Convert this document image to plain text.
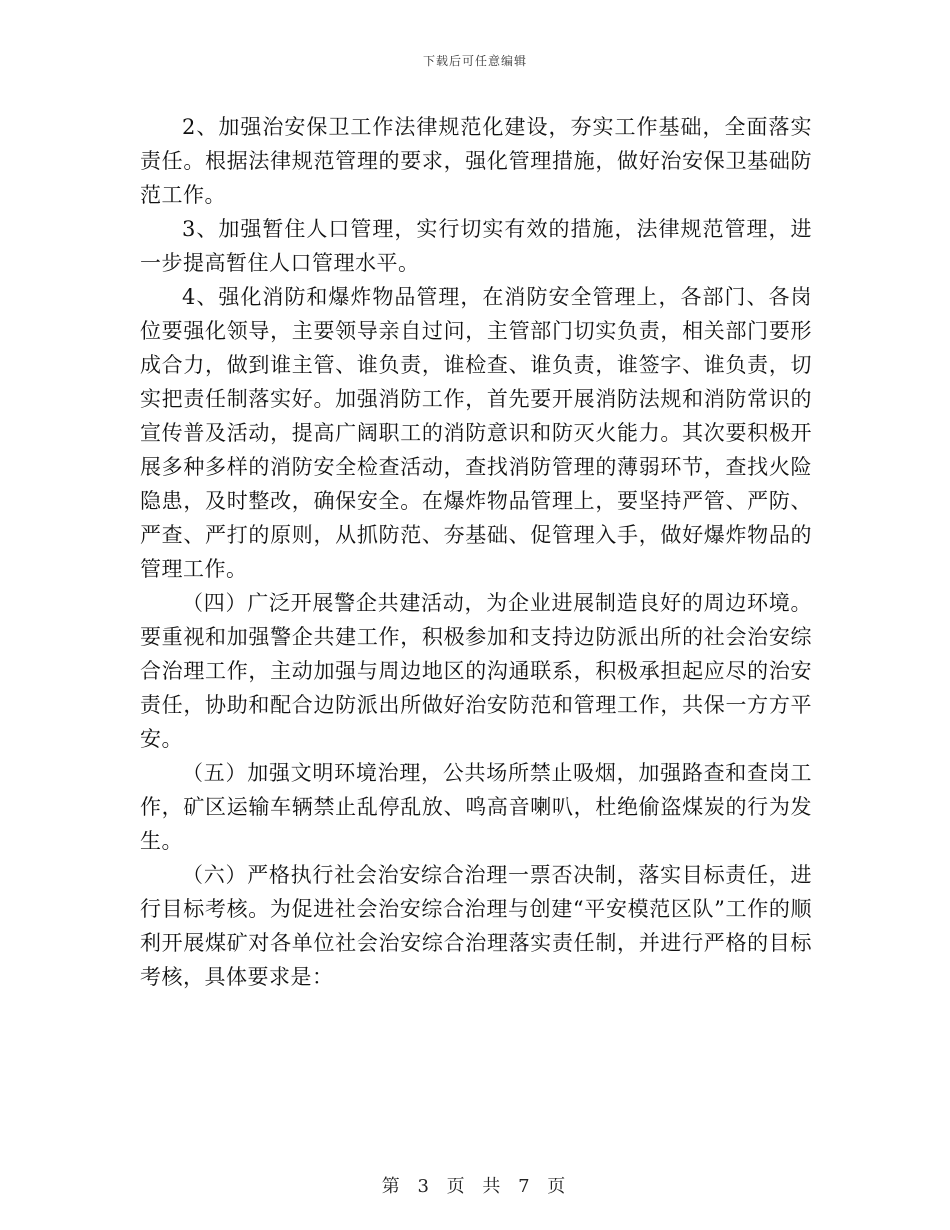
下载后可任意编辑

2、加强治安保卫工作法律规范化建设，夯实工作基础，全面落实责任。根据法律规范管理的要求，强化管理措施，做好治安保卫基础防范工作。

3、加强暂住人口管理，实行切实有效的措施，法律规范管理，进一步提高暂住人口管理水平。

4、强化消防和爆炸物品管理，在消防安全管理上，各部门、各岗位要强化领导，主要领导亲自过问，主管部门切实负责，相关部门要形成合力，做到谁主管、谁负责，谁检查、谁负责，谁签字、谁负责，切实把责任制落实好。加强消防工作，首先要开展消防法规和消防常识的宣传普及活动，提高广阔职工的消防意识和防灭火能力。其次要积极开展多种多样的消防安全检查活动，查找消防管理的薄弱环节，查找火险隐患，及时整改，确保安全。在爆炸物品管理上，要坚持严管、严防、严查、严打的原则，从抓防范、夯基础、促管理入手，做好爆炸物品的管理工作。

（四）广泛开展警企共建活动，为企业进展制造良好的周边环境。要重视和加强警企共建工作，积极参加和支持边防派出所的社会治安综合治理工作，主动加强与周边地区的沟通联系，积极承担起应尽的治安责任，协助和配合边防派出所做好治安防范和管理工作，共保一方方平安。

（五）加强文明环境治理，公共场所禁止吸烟，加强路查和查岗工作，矿区运输车辆禁止乱停乱放、鸣高音喇叭，杜绝偷盗煤炭的行为发生。

（六）严格执行社会治安综合治理一票否决制，落实目标责任，进行目标考核。为促进社会治安综合治理与创建“平安模范区队”工作的顺利开展煤矿对各单位社会治安综合治理落实责任制，并进行严格的目标考核，具体要求是：

第 3 页 共 7 页
